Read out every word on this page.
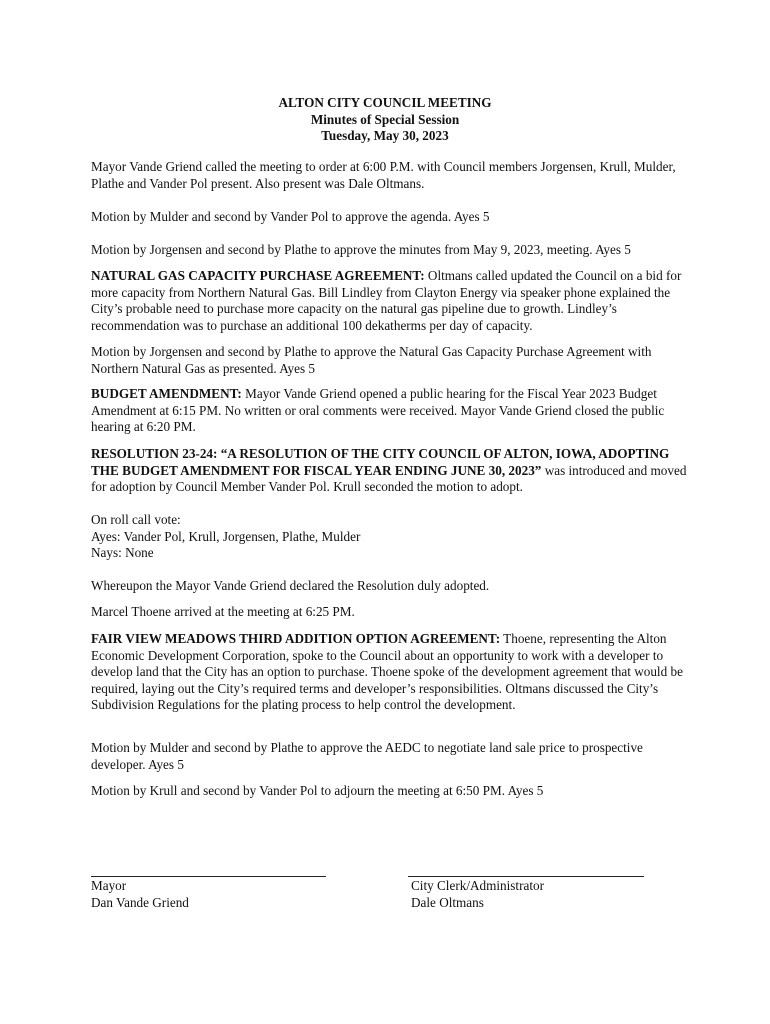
ALTON CITY COUNCIL MEETING
Minutes of Special Session
Tuesday, May 30, 2023

Mayor Vande Griend called the meeting to order at 6:00 P.M. with Council members Jorgensen, Krull, Mulder, Plathe and Vander Pol present. Also present was Dale Oltmans.

Motion by Mulder and second by Vander Pol to approve the agenda. Ayes 5

Motion by Jorgensen and second by Plathe to approve the minutes from May 9, 2023, meeting. Ayes 5

NATURAL GAS CAPACITY PURCHASE AGREEMENT: Oltmans called updated the Council on a bid for more capacity from Northern Natural Gas. Bill Lindley from Clayton Energy via speaker phone explained the City’s probable need to purchase more capacity on the natural gas pipeline due to growth. Lindley’s recommendation was to purchase an additional 100 dekatherms per day of capacity.

Motion by Jorgensen and second by Plathe to approve the Natural Gas Capacity Purchase Agreement with Northern Natural Gas as presented. Ayes 5

BUDGET AMENDMENT: Mayor Vande Griend opened a public hearing for the Fiscal Year 2023 Budget Amendment at 6:15 PM. No written or oral comments were received. Mayor Vande Griend closed the public hearing at 6:20 PM.

RESOLUTION 23-24: “A RESOLUTION OF THE CITY COUNCIL OF ALTON, IOWA, ADOPTING THE BUDGET AMENDMENT FOR FISCAL YEAR ENDING JUNE 30, 2023” was introduced and moved for adoption by Council Member Vander Pol. Krull seconded the motion to adopt.

On roll call vote:
Ayes: Vander Pol, Krull, Jorgensen, Plathe, Mulder
Nays: None

Whereupon the Mayor Vande Griend declared the Resolution duly adopted.

Marcel Thoene arrived at the meeting at 6:25 PM.

FAIR VIEW MEADOWS THIRD ADDITION OPTION AGREEMENT: Thoene, representing the Alton Economic Development Corporation, spoke to the Council about an opportunity to work with a developer to develop land that the City has an option to purchase. Thoene spoke of the development agreement that would be required, laying out the City’s required terms and developer’s responsibilities. Oltmans discussed the City’s Subdivision Regulations for the plating process to help control the development.

Motion by Mulder and second by Plathe to approve the AEDC to negotiate land sale price to prospective developer. Ayes 5

Motion by Krull and second by Vander Pol to adjourn the meeting at 6:50 PM. Ayes 5

Mayor
Dan Vande Griend
City Clerk/Administrator
Dale Oltmans
